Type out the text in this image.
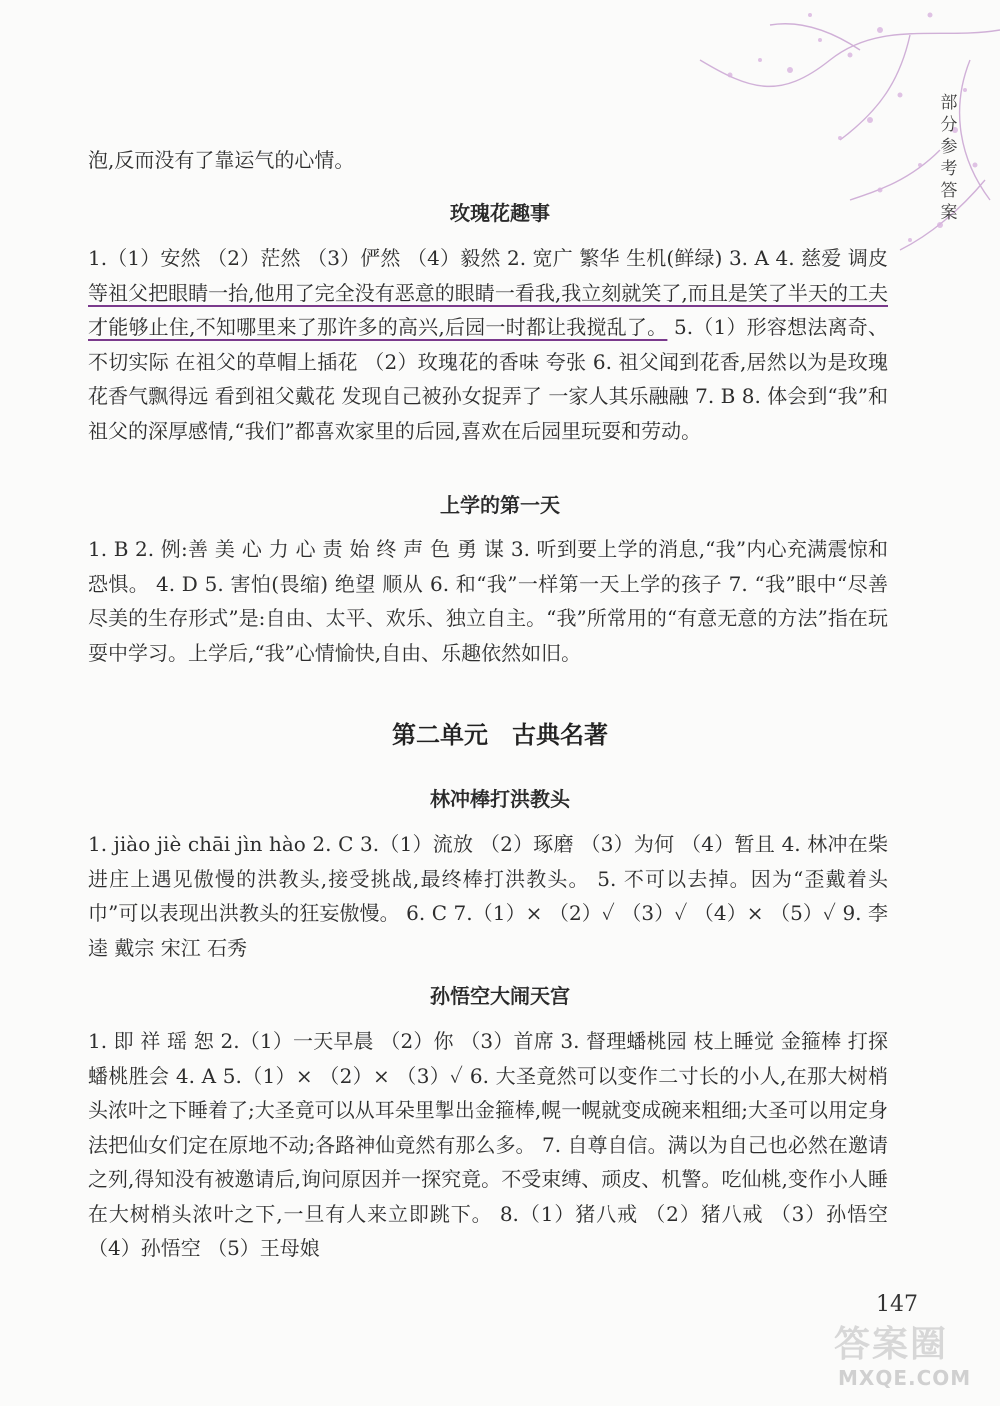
部分参考答案
泡,反而没有了靠运气的心情。
玫瑰花趣事
1.（1）安然 （2）茫然 （3）俨然 （4）毅然 2. 宽广 繁华 生机(鲜绿) 3. A 4. 慈爱 调皮 等祖父把眼睛一抬,他用了完全没有恶意的眼睛一看我,我立刻就笑了,而且是笑了半天的工夫才能够止住,不知哪里来了那许多的高兴,后园一时都让我搅乱了。 5.（1）形容想法离奇、不切实际 在祖父的草帽上插花 （2）玫瑰花的香味 夸张 6. 祖父闻到花香,居然以为是玫瑰花香气飘得远 看到祖父戴花 发现自己被孙女捉弄了 一家人其乐融融 7. B 8. 体会到“我”和祖父的深厚感情,“我们”都喜欢家里的后园,喜欢在后园里玩耍和劳动。
上学的第一天
1. B 2. 例:善 美 心 力 心 责 始 终 声 色 勇 谋 3. 听到要上学的消息,“我”内心充满震惊和恐惧。 4. D 5. 害怕(畏缩) 绝望 顺从 6. 和“我”一样第一天上学的孩子 7. “我”眼中“尽善尽美的生存形式”是:自由、太平、欢乐、独立自主。“我”所常用的“有意无意的方法”指在玩耍中学习。上学后,“我”心情愉快,自由、乐趣依然如旧。
第二单元　古典名著
林冲棒打洪教头
1. jiào jiè chāi jìn hào 2. C 3.（1）流放 （2）琢磨 （3）为何 （4）暂且 4. 林冲在柴进庄上遇见傲慢的洪教头,接受挑战,最终棒打洪教头。 5. 不可以去掉。因为“歪戴着头巾”可以表现出洪教头的狂妄傲慢。 6. C 7.（1）× （2）✓ （3）✓ （4）× （5）✓ 9. 李逵 戴宗 宋江 石秀
孙悟空大闹天宫
1. 即 祥 瑶 恕 2.（1）一天早晨 （2）你 （3）首席 3. 督理蟠桃园 枝上睡觉 金箍棒 打探蟠桃胜会 4. A 5.（1）× （2）× （3）✓ 6. 大圣竟然可以变作二寸长的小人,在那大树梢头浓叶之下睡着了;大圣竟可以从耳朵里掣出金箍棒,幌一幌就变成碗来粗细;大圣可以用定身法把仙女们定在原地不动;各路神仙竟然有那么多。 7. 自尊自信。满以为自己也必然在邀请之列,得知没有被邀请后,询问原因并一探究竟。不受束缚、顽皮、机警。吃仙桃,变作小人睡在大树梢头浓叶之下,一旦有人来立即跳下。 8.（1）猪八戒 （2）猪八戒 （3）孙悟空 （4）孙悟空 （5）王母娘
147
答案圈
MXQE.COM
